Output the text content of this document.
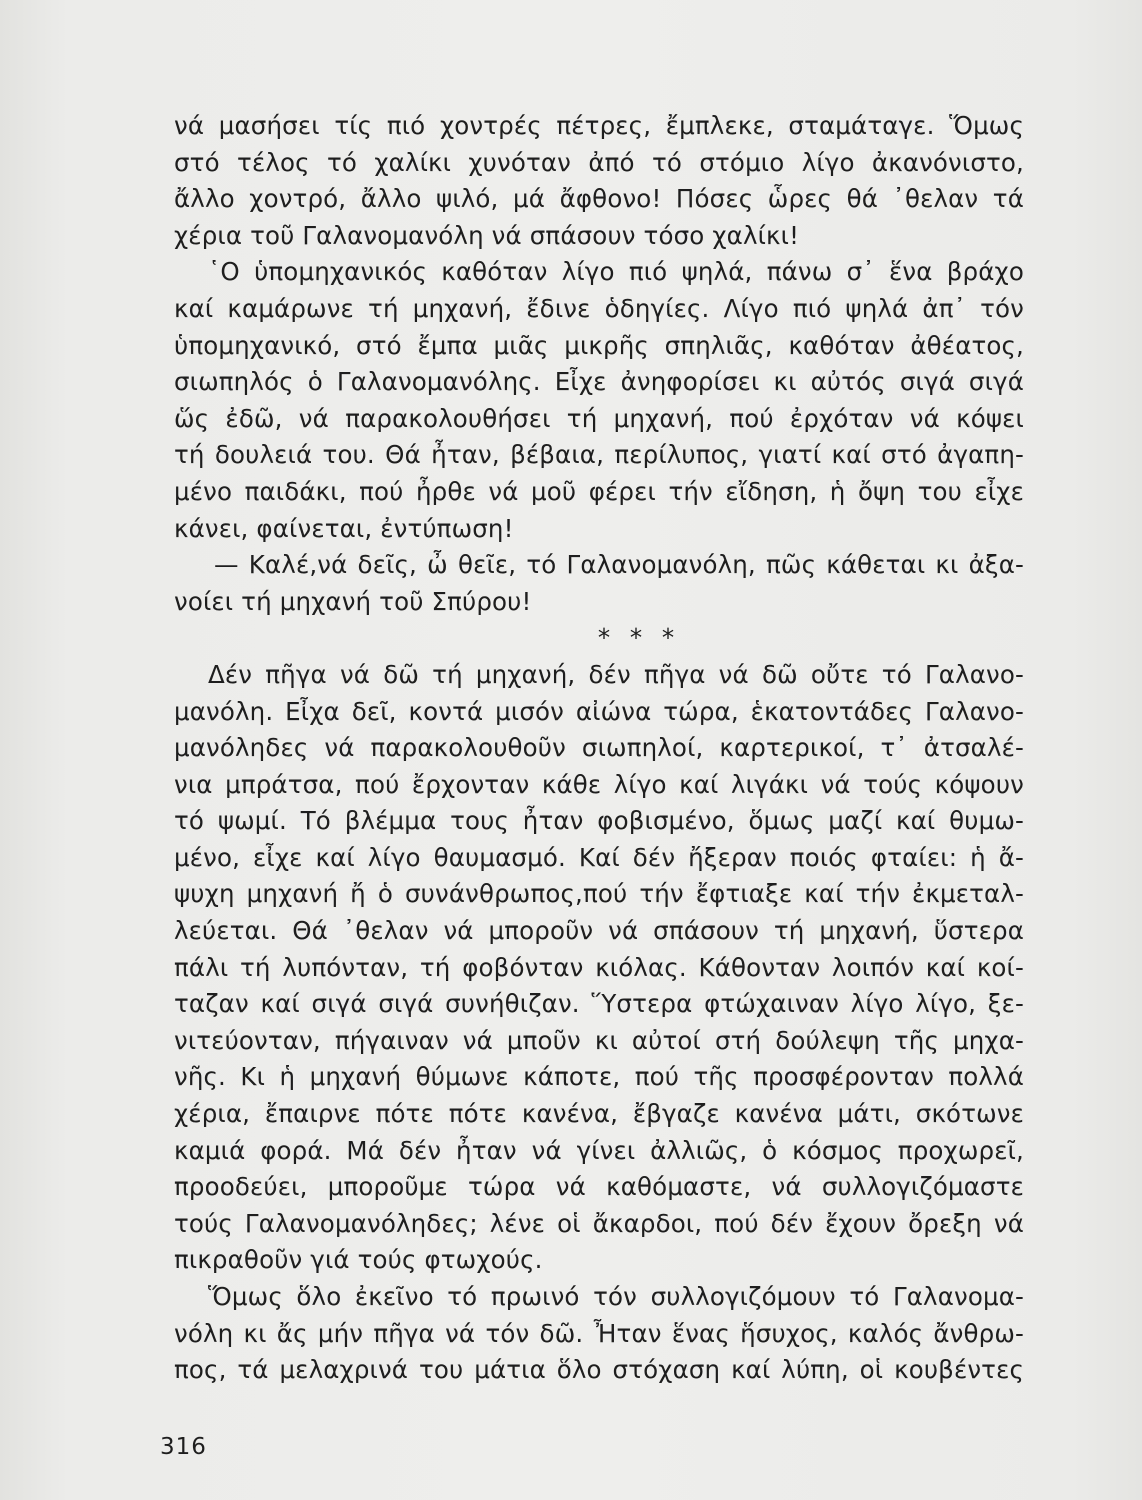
νά μασήσει τίς πιό χοντρές πέτρες, ἔμπλεκε, σταμάταγε. Ὅμως
στό τέλος τό χαλίκι χυνόταν ἀπό τό στόμιο λίγο ἀκανόνιστο,
ἄλλο χοντρό, ἄλλο ψιλό, μά ἄφθονο! Πόσες ὧρες θά ᾽θελαν τά
χέρια τοῦ Γαλανομανόλη νά σπάσουν τόσο χαλίκι!
῾Ο ὑπομηχανικός καθόταν λίγο πιό ψηλά, πάνω σ᾽ ἕνα βράχο
καί καμάρωνε τή μηχανή, ἔδινε ὁδηγίες. Λίγο πιό ψηλά ἀπ᾽ τόν
ὑπομηχανικό, στό ἔμπα μιᾶς μικρῆς σπηλιᾶς, καθόταν ἀθέατος,
σιωπηλός ὁ Γαλανομανόλης. Εἶχε ἀνηφορίσει κι αὐτός σιγά σιγά
ὥς ἐδῶ, νά παρακολουθήσει τή μηχανή, πού ἐρχόταν νά κόψει
τή δουλειά του. Θά ἦταν, βέβαια, περίλυπος, γιατί καί στό ἀγαπη-
μένο παιδάκι, πού ἦρθε νά μοῦ φέρει τήν εἴδηση, ἡ ὄψη του εἶχε
κάνει, φαίνεται, ἐντύπωση!
— Καλέ,νά δεῖς, ὦ θεῖε, τό Γαλανομανόλη, πῶς κάθεται κι ἀξα-
νοίει τή μηχανή τοῦ Σπύρου!
* * *
Δέν πῆγα νά δῶ τή μηχανή, δέν πῆγα νά δῶ οὔτε τό Γαλανο-
μανόλη. Εἶχα δεῖ, κοντά μισόν αἰώνα τώρα, ἑκατοντάδες Γαλανο-
μανόληδες νά παρακολουθοῦν σιωπηλοί, καρτερικοί, τ᾽ ἀτσαλέ-
νια μπράτσα, πού ἔρχονταν κάθε λίγο καί λιγάκι νά τούς κόψουν
τό ψωμί. Τό βλέμμα τους ἦταν φοβισμένο, ὅμως μαζί καί θυμω-
μένο, εἶχε καί λίγο θαυμασμό. Καί δέν ἤξεραν ποιός φταίει: ἡ ἄ-
ψυχη μηχανή ἤ ὁ συνάνθρωπος,πού τήν ἔφτιαξε καί τήν ἐκμεταλ-
λεύεται. Θά ᾽θελαν νά μποροῦν νά σπάσουν τή μηχανή, ὕστερα
πάλι τή λυπόνταν, τή φοβόνταν κιόλας. Κάθονταν λοιπόν καί κοί-
ταζαν καί σιγά σιγά συνήθιζαν. Ὕστερα φτώχαιναν λίγο λίγο, ξε-
νιτεύονταν, πήγαιναν νά μποῦν κι αὐτοί στή δούλεψη τῆς μηχα-
νῆς. Κι ἡ μηχανή θύμωνε κάποτε, πού τῆς προσφέρονταν πολλά
χέρια, ἔπαιρνε πότε πότε κανένα, ἔβγαζε κανένα μάτι, σκότωνε
καμιά φορά. Μά δέν ἦταν νά γίνει ἀλλιῶς, ὁ κόσμος προχωρεῖ,
προοδεύει, μποροῦμε τώρα νά καθόμαστε, νά συλλογιζόμαστε
τούς Γαλανομανόληδες; λένε οἱ ἄκαρδοι, πού δέν ἔχουν ὄρεξη νά
πικραθοῦν γιά τούς φτωχούς.
Ὅμως ὅλο ἐκεῖνο τό πρωινό τόν συλλογιζόμουν τό Γαλανομα-
νόλη κι ἄς μήν πῆγα νά τόν δῶ. Ἦταν ἕνας ἥσυχος, καλός ἄνθρω-
πος, τά μελαχρινά του μάτια ὅλο στόχαση καί λύπη, οἱ κουβέντες
316
